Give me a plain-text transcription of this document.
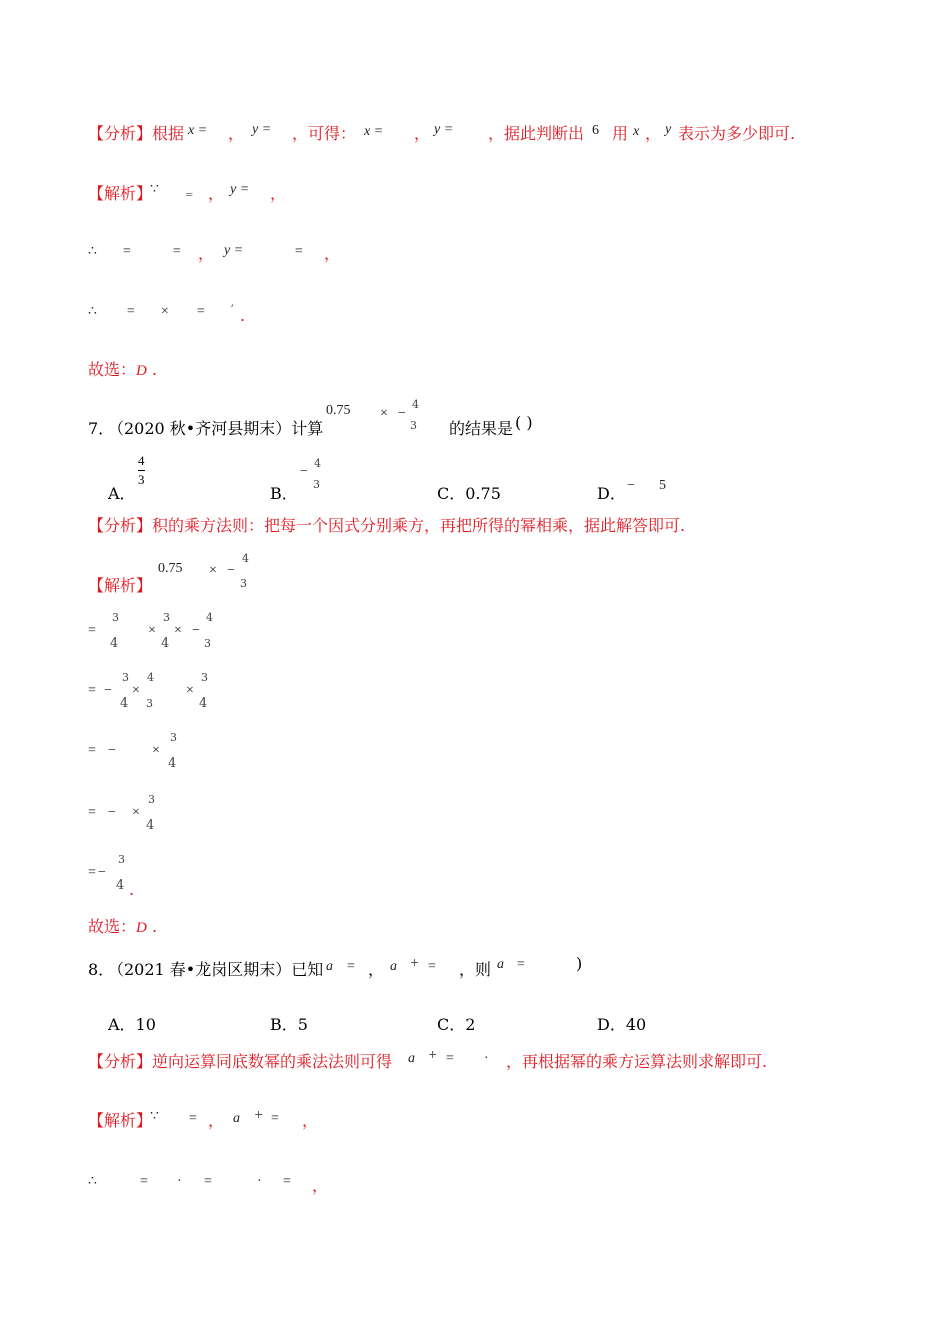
【分析】根据 x = ， y = ，可得： x = ， y = ，据此判断出 6 用 x ， y 表示为多少即可.
【解析】
∵	= ， y = ，
∴ =	= ， y =	= ，
∴ = × = ʼ .
故选：D .
7．
（2020 秋•齐河县期末）计算
0.75 × −
4
3 的结果是 ( )
A．
4
3
B．
−
4
3	C．0.75	D． − 5
【分析】积的乘方法则：把每一个因式分别乘方，再把所得的幂相乘，据此解答即可.
【解析】
0.75 × −
4
3
=
3
4
×
3
4
× −
4
3
= −
3
4
×
4
3
×
3
4
= −	×
3
4
= − ×
3
4
= −
3
4 .
故选：D .
8．
（2021 春•龙岗区期末）已知 a = ， a + = ，则 a =	)
A．10	B．5	C．2	D．40
【分析】逆向运算同底数幂的乘法法则可得 a + = · ，再根据幂的乘方运算法则求解即可.
【解析】
∵ = ， a + = ，
∴	= · =	· = ，
